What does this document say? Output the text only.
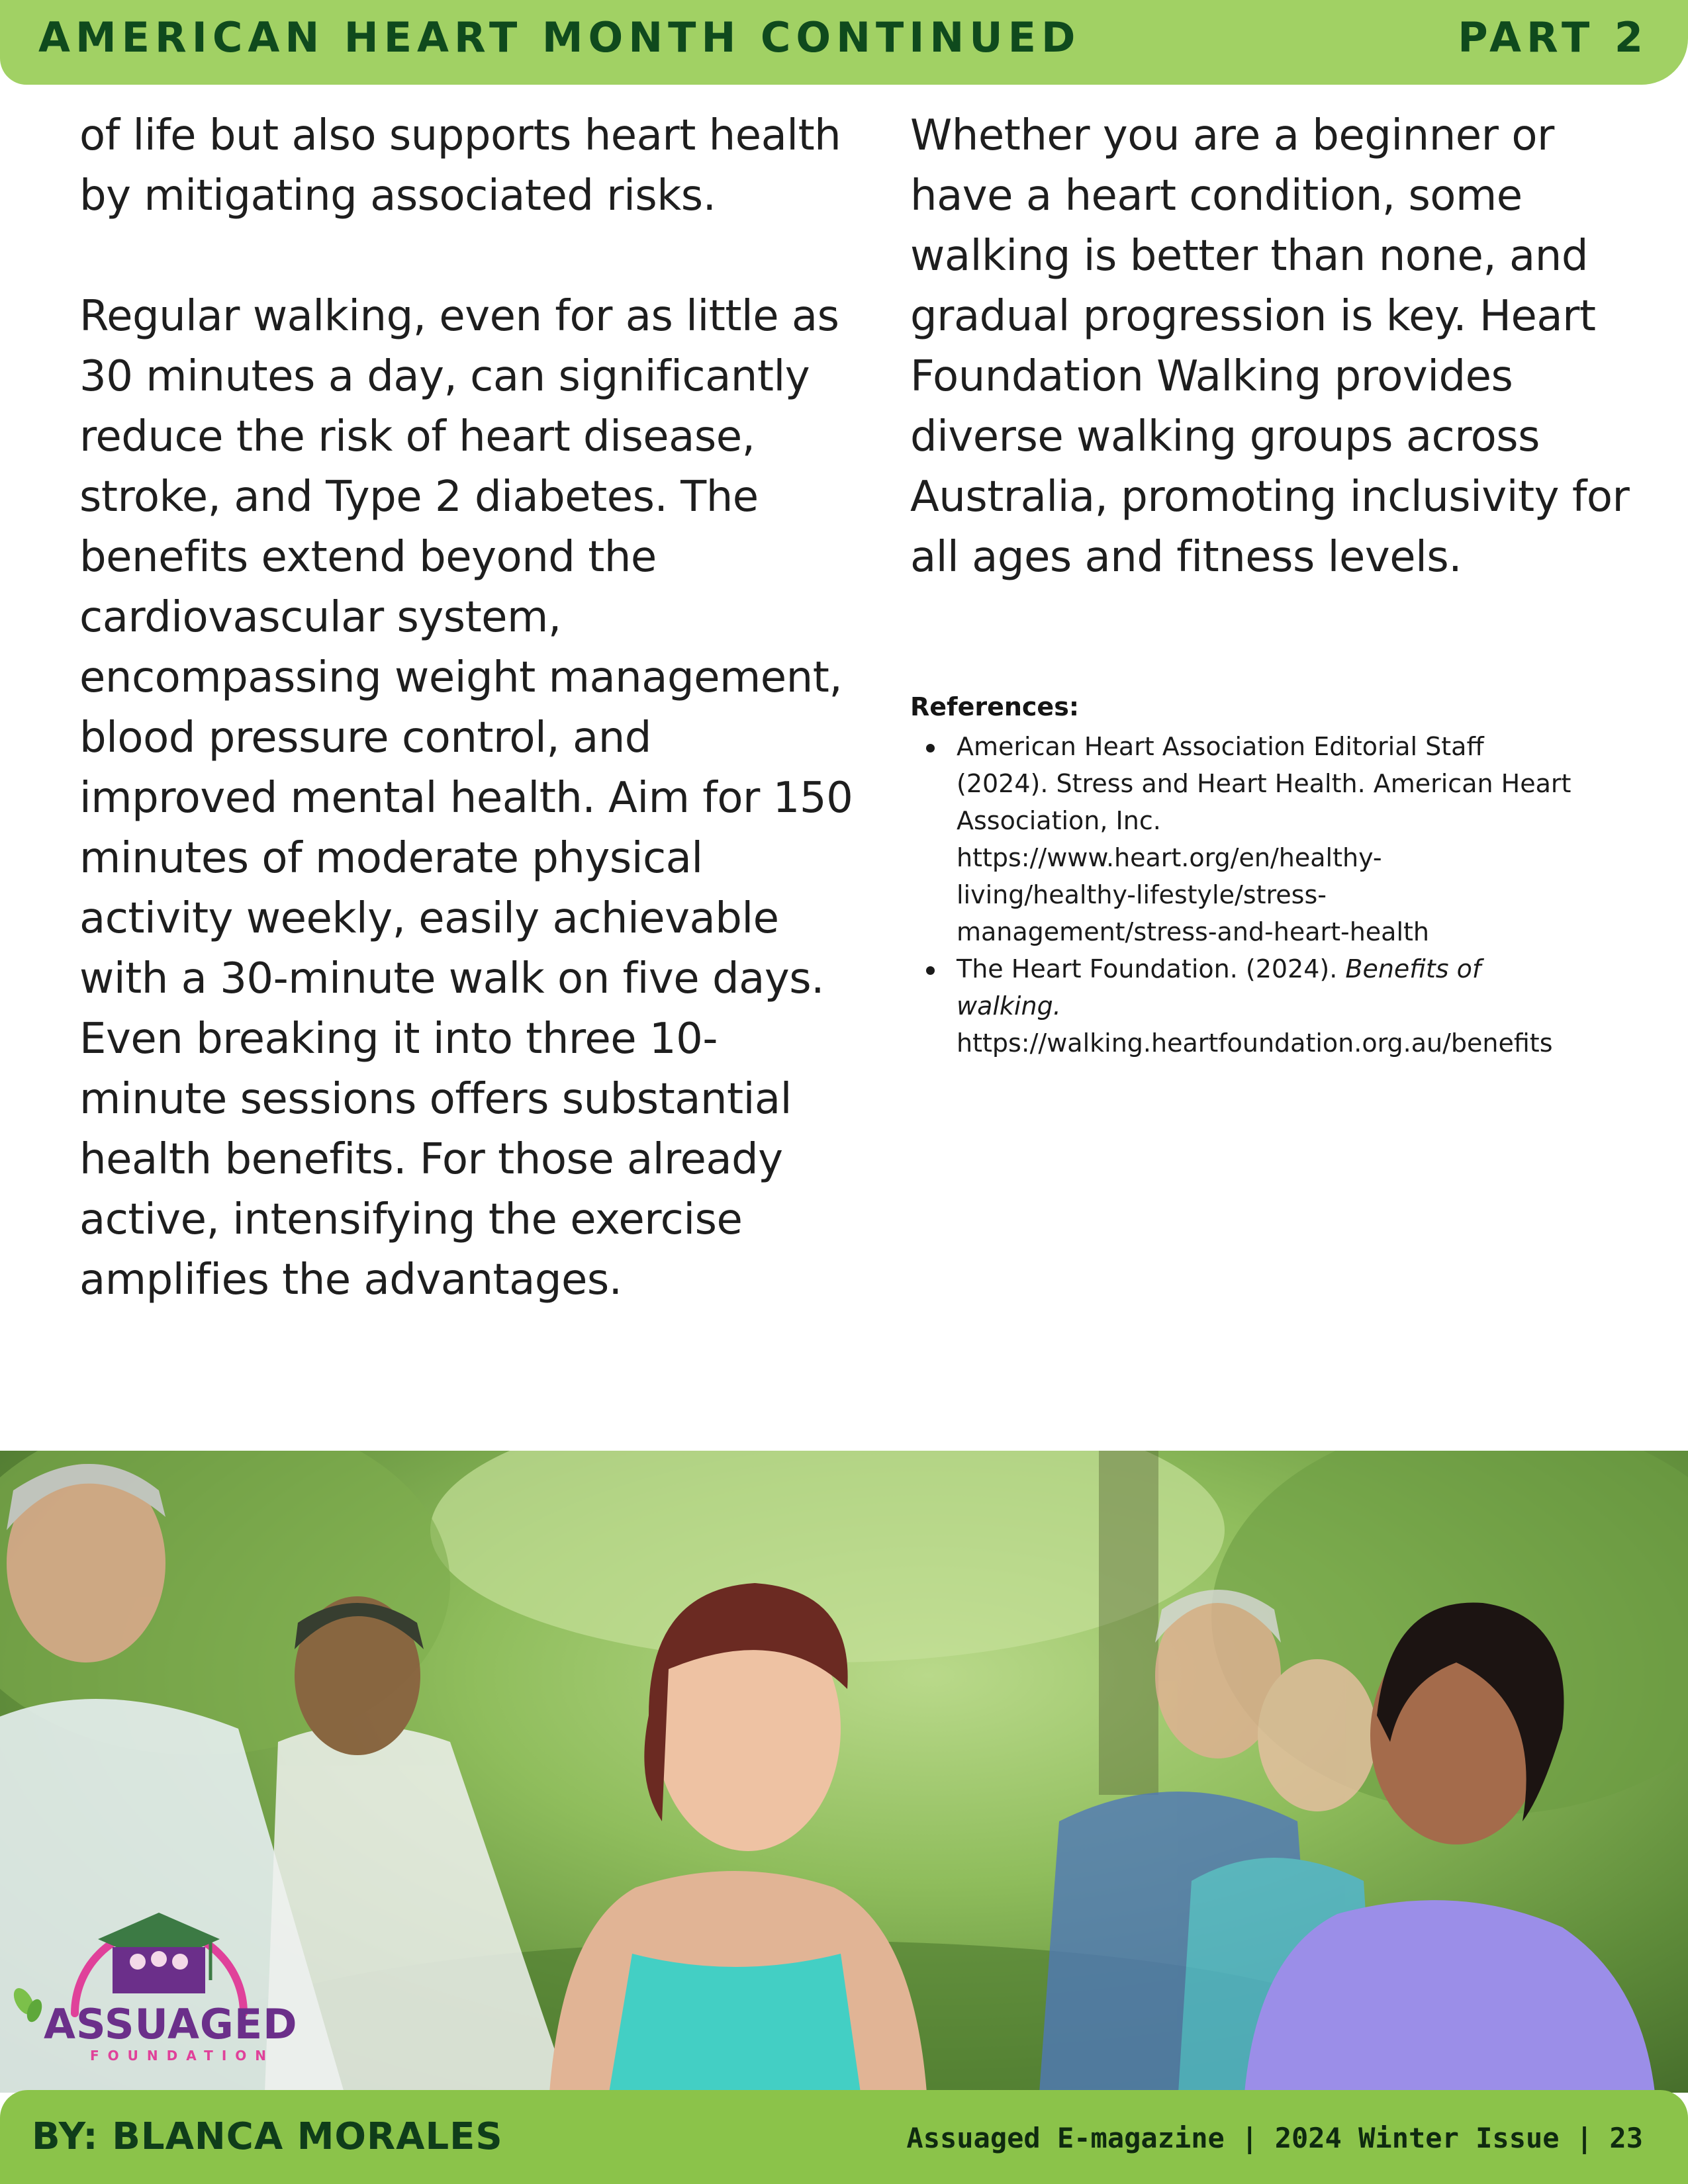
AMERICAN HEART MONTH CONTINUED	PART 2

of life but also supports heart health by mitigating associated risks.

Regular walking, even for as little as 30 minutes a day, can significantly reduce the risk of heart disease, stroke, and Type 2 diabetes. The benefits extend beyond the cardiovascular system, encompassing weight management, blood pressure control, and improved mental health. Aim for 150 minutes of moderate physical activity weekly, easily achievable with a 30-minute walk on five days. Even breaking it into three 10-minute sessions offers substantial health benefits. For those already active, intensifying the exercise amplifies the advantages.

Whether you are a beginner or have a heart condition, some walking is better than none, and gradual progression is key. Heart Foundation Walking provides diverse walking groups across Australia, promoting inclusivity for all ages and fitness levels.

References:
American Heart Association Editorial Staff
(2024). Stress and Heart Health. American Heart
Association, Inc.
https://www.heart.org/en/healthy-
living/healthy-lifestyle/stress-
management/stress-and-heart-health
The Heart Foundation. (2024). Benefits of
walking.
https://walking.heartfoundation.org.au/benefits
ASSUAGED
FOUNDATION
BY: BLANCA MORALES	Assuaged E-magazine | 2024 Winter Issue | 23
